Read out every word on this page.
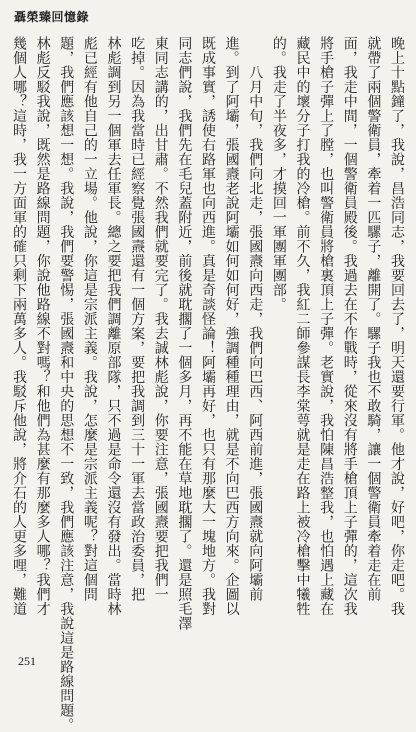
聶榮臻回憶錄
晚上十點鐘了，我說，昌浩同志，我要回去了，明天還要行軍。他才說，好吧，你走吧。我
就帶了兩個警衛員，牽着一匹騾子，離開了。騾子我也不敢騎，讓一個警衛員牽着走在前
面，我走中間，一個警衛員殿後。我過去在不作戰時，從來沒有將手槍頂上子彈的，這次我
將手槍子彈上了膛，也叫警衛員將槍裏頂上子彈。老實說，我怕陳昌浩整我，也怕遇上藏在
藏民中的壞分子打我的冷槍。前不久，我紅二師參謀長李棠萼就是走在路上被冷槍擊中犧牲
的。我走了半夜多，才摸回一軍團軍團部。
　　八月中旬，我們向北走，張國燾向西走，我們向巴西、阿西前進，張國燾就向阿壩前
進。到了阿壩，張國燾老說阿壩如何如何好，強調種種理由，就是不向巴西方向來。企圖以
既成事實，誘使右路軍也向西進。真是奇談怪論！阿壩再好，也只有那麼大一塊地方。我對
同志們說，我們先在毛兒蓋附近，前後就耽擱了一個多月，再不能在草地耽擱了。還是照毛澤
東同志講的，出甘肅。不然我們就要完了。我去誠林彪說，你要注意，張國燾要把我們一
吃掉。因為我當時已經察覺張國燾還有一個方案，要把我調到三十一軍去當政治委員，把
林彪調到另一個軍去任軍長。總之要把我們調離原部隊，只不過是命令還沒有發出。當時林
彪已經有他自己的一立場。他說，你這是宗派主義。我說，怎麼是宗派主義呢？對這個問
題，我們應該想一想。我說，我們要警惕，張國燾和中央的思想不一致，我們應該注意，我說這是路線問題。
林彪反駁我說，既然是路線問題，你說他路線不對嗎？和他們為甚麼有那麼多人哪？我們才
幾個人哪？這時，我一方面軍的確只剩下兩萬多人。我駁斥他說，將介石的人更多哩，難道
251
